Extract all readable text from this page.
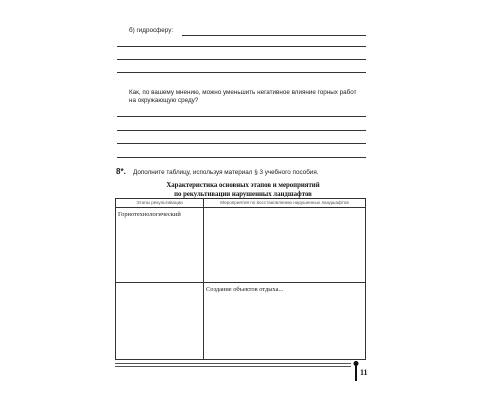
б) гидросферу:
Как, по вашему мнению, можно уменьшить негативное влияние горных работ
на окружающую среду?
8*. Дополните таблицу, используя материал § 3 учебного пособия.
Характеристика основных этапов и мероприятий
по рекультивации нарушенных ландшафтов
Этапы рекультивации	Мероприятия по восстановлению нарушенных ландшафтов

Горнотехнологический	

	Создание объектов отдыха...
11
